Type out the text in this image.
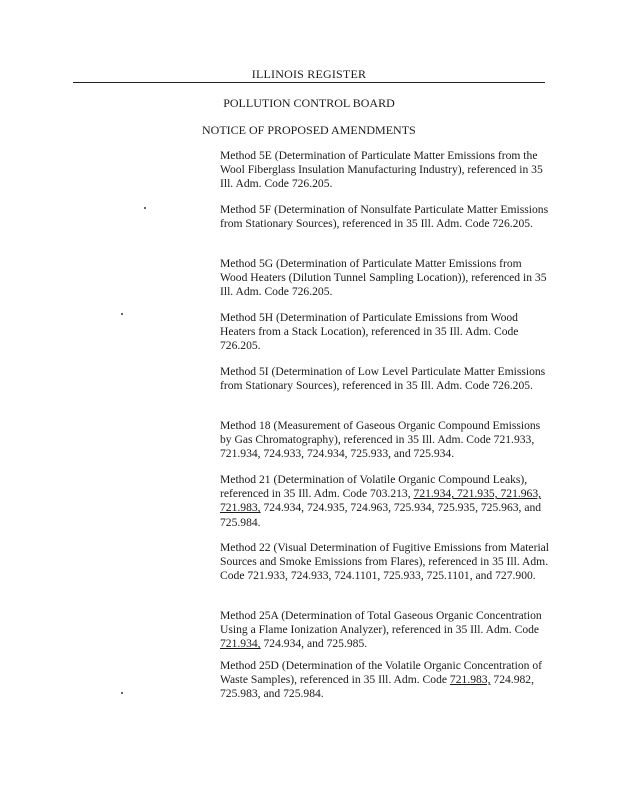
ILLINOIS REGISTER
POLLUTION CONTROL BOARD
NOTICE OF PROPOSED AMENDMENTS
Method 5E (Determination of Particulate Matter Emissions from the Wool Fiberglass Insulation Manufacturing Industry), referenced in 35 Ill. Adm. Code 726.205.
Method 5F (Determination of Nonsulfate Particulate Matter Emissions from Stationary Sources), referenced in 35 Ill. Adm. Code 726.205.
Method 5G (Determination of Particulate Matter Emissions from Wood Heaters (Dilution Tunnel Sampling Location)), referenced in 35 Ill. Adm. Code 726.205.
Method 5H (Determination of Particulate Emissions from Wood Heaters from a Stack Location), referenced in 35 Ill. Adm. Code 726.205.
Method 5I (Determination of Low Level Particulate Matter Emissions from Stationary Sources), referenced in 35 Ill. Adm. Code 726.205.
Method 18 (Measurement of Gaseous Organic Compound Emissions by Gas Chromatography), referenced in 35 Ill. Adm. Code 721.933, 721.934, 724.933, 724.934, 725.933, and 725.934.
Method 21 (Determination of Volatile Organic Compound Leaks), referenced in 35 Ill. Adm. Code 703.213, 721.934, 721.935, 721.963, 721.983, 724.934, 724.935, 724.963, 725.934, 725.935, 725.963, and 725.984.
Method 22 (Visual Determination of Fugitive Emissions from Material Sources and Smoke Emissions from Flares), referenced in 35 Ill. Adm. Code 721.933, 724.933, 724.1101, 725.933, 725.1101, and 727.900.
Method 25A (Determination of Total Gaseous Organic Concentration Using a Flame Ionization Analyzer), referenced in 35 Ill. Adm. Code 721.934, 724.934, and 725.985.
Method 25D (Determination of the Volatile Organic Concentration of Waste Samples), referenced in 35 Ill. Adm. Code 721.983, 724.982, 725.983, and 725.984.
